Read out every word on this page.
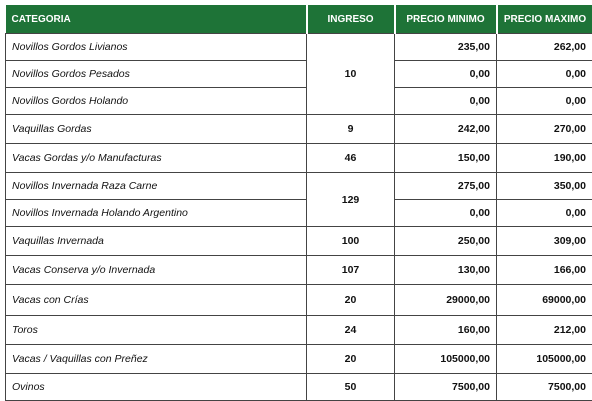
CATEGORIA	INGRESO	PRECIO MINIMO	PRECIO MAXIMO
Novillos Gordos Livianos	10	235,00	262,00
Novillos Gordos Pesados		0,00	0,00
Novillos Gordos Holando		0,00	0,00
Vaquillas Gordas	9	242,00	270,00
Vacas Gordas y/o Manufacturas	46	150,00	190,00
Novillos Invernada Raza Carne	129	275,00	350,00
Novillos Invernada Holando Argentino		0,00	0,00
Vaquillas Invernada	100	250,00	309,00
Vacas Conserva y/o Invernada	107	130,00	166,00
Vacas con Crías	20	29000,00	69000,00
Toros	24	160,00	212,00
Vacas / Vaquillas con Preñez	20	105000,00	105000,00
Ovinos	50	7500,00	7500,00
